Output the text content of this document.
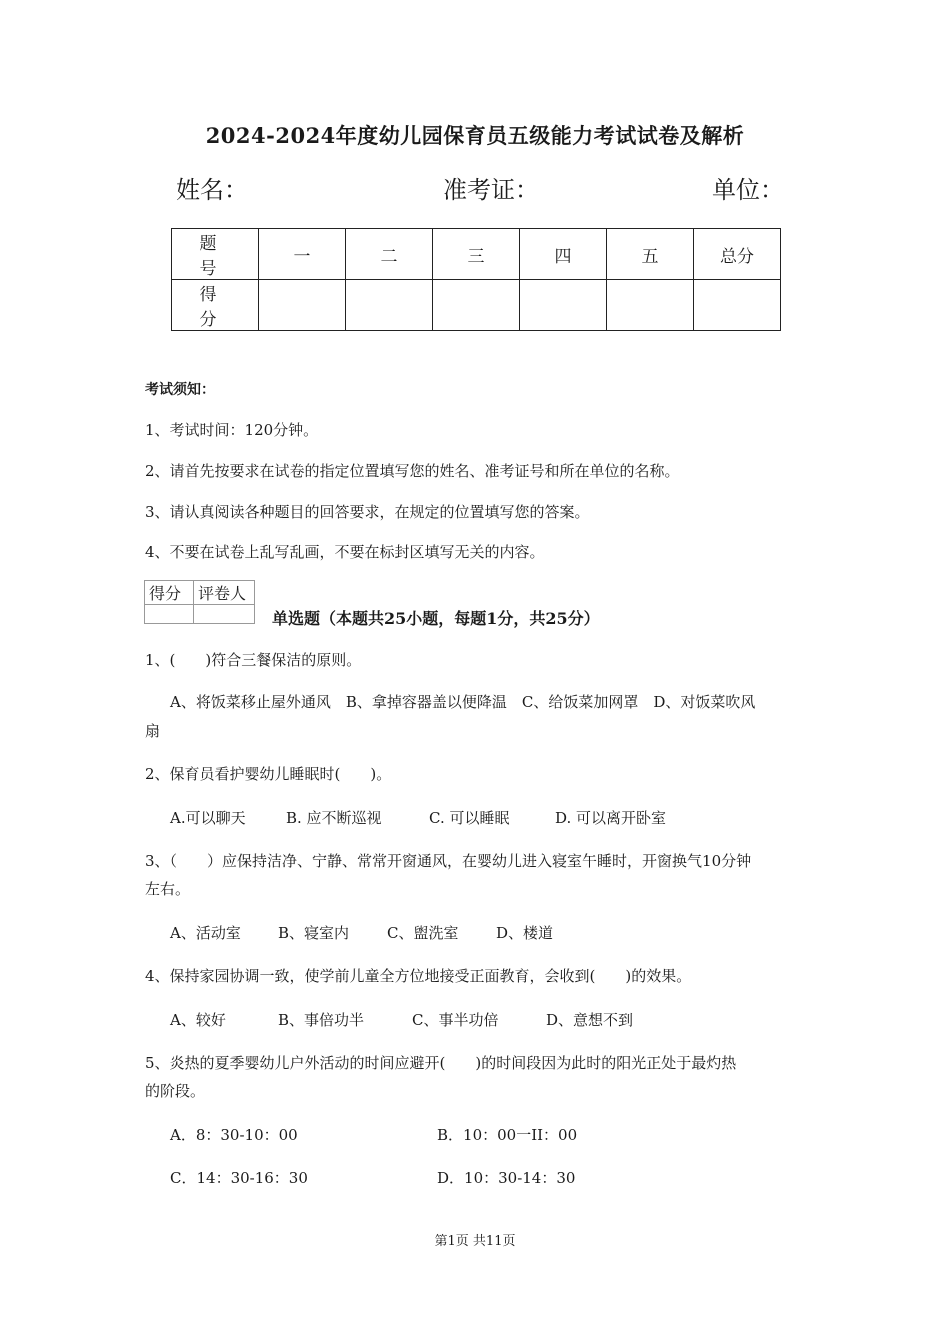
2024-2024年度幼儿园保育员五级能力考试试卷及解析
姓名：	准考证：	单位：
题　号	一	二	三	四	五	总分
得　分						
考试须知：
1、考试时间：120分钟。
2、请首先按要求在试卷的指定位置填写您的姓名、准考证号和所在单位的名称。
3、请认真阅读各种题目的回答要求，在规定的位置填写您的答案。
4、不要在试卷上乱写乱画，不要在标封区填写无关的内容。
得分	评卷人

单选题（本题共25小题，每题1分，共25分）
1、(　　)符合三餐保洁的原则。
A、将饭菜移止屋外通风　B、拿掉容器盖以便降温　C、给饭菜加网罩　D、对饭菜吹风
扇
2、保育员看护婴幼儿睡眠时(　　)。
A.可以聊天	B. 应不断巡视	C. 可以睡眠	D. 可以离开卧室
3、（　　）应保持洁净、宁静、常常开窗通风，在婴幼儿进入寝室午睡时，开窗换气10分钟
左右。
A、活动室 B、寝室内	C、盥洗室	D、楼道
4、保持家园协调一致，使学前儿童全方位地接受正面教育，会收到(　　)的效果。
A、较好	B、事倍功半	C、事半功倍	D、意想不到
5、炎热的夏季婴幼儿户外活动的时间应避开(　　)的时间段因为此时的阳光正处于最灼热
的阶段。
A．8：30-10：00	B．10：00一II：00
C．14：30-16：30	D．10：30-14：30
第1页 共11页
